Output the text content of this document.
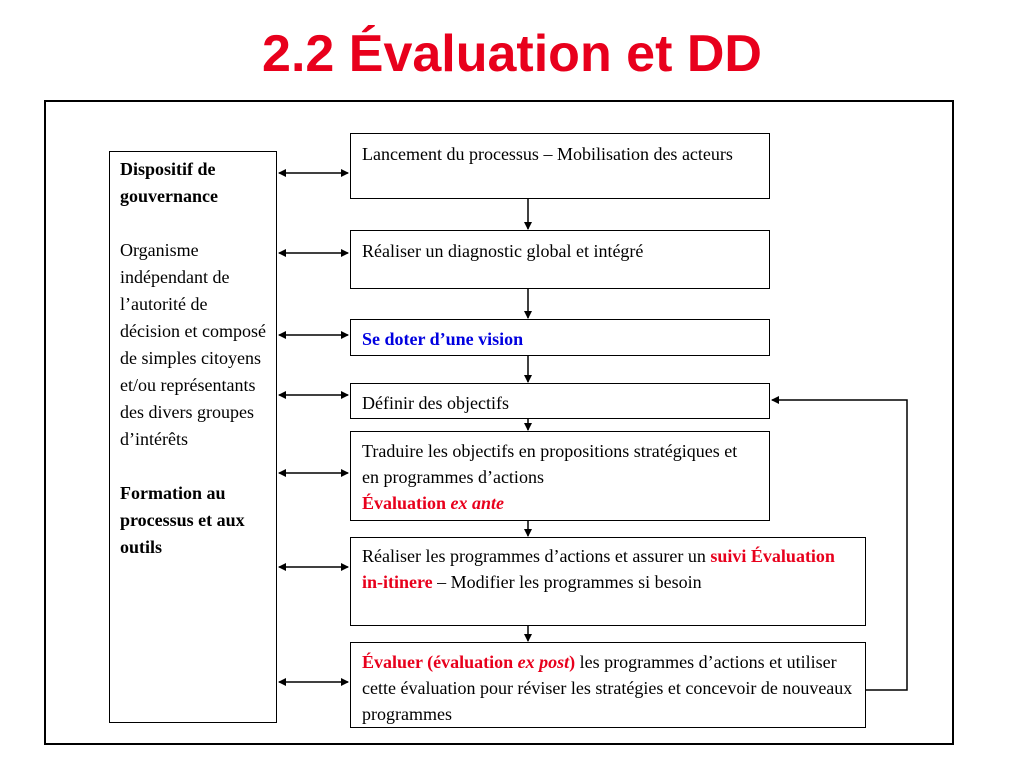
2.2 Évaluation et DD

Dispositif de gouvernance

Organisme indépendant de l’autorité de décision et composé de simples citoyens et/ou représentants des divers groupes d’intérêts

Formation au processus et aux outils

Lancement du processus – Mobilisation des acteurs
Réaliser un diagnostic global et intégré
Se doter d’une vision
Définir des objectifs
Traduire les objectifs en propositions stratégiques et en programmes d’actions
Évaluation ex ante
Réaliser les programmes d’actions et assurer un suivi Évaluation in-itinere – Modifier les programmes si besoin
Évaluer (évaluation ex post) les programmes d’actions et utiliser cette évaluation pour réviser les stratégies et concevoir de nouveaux programmes
